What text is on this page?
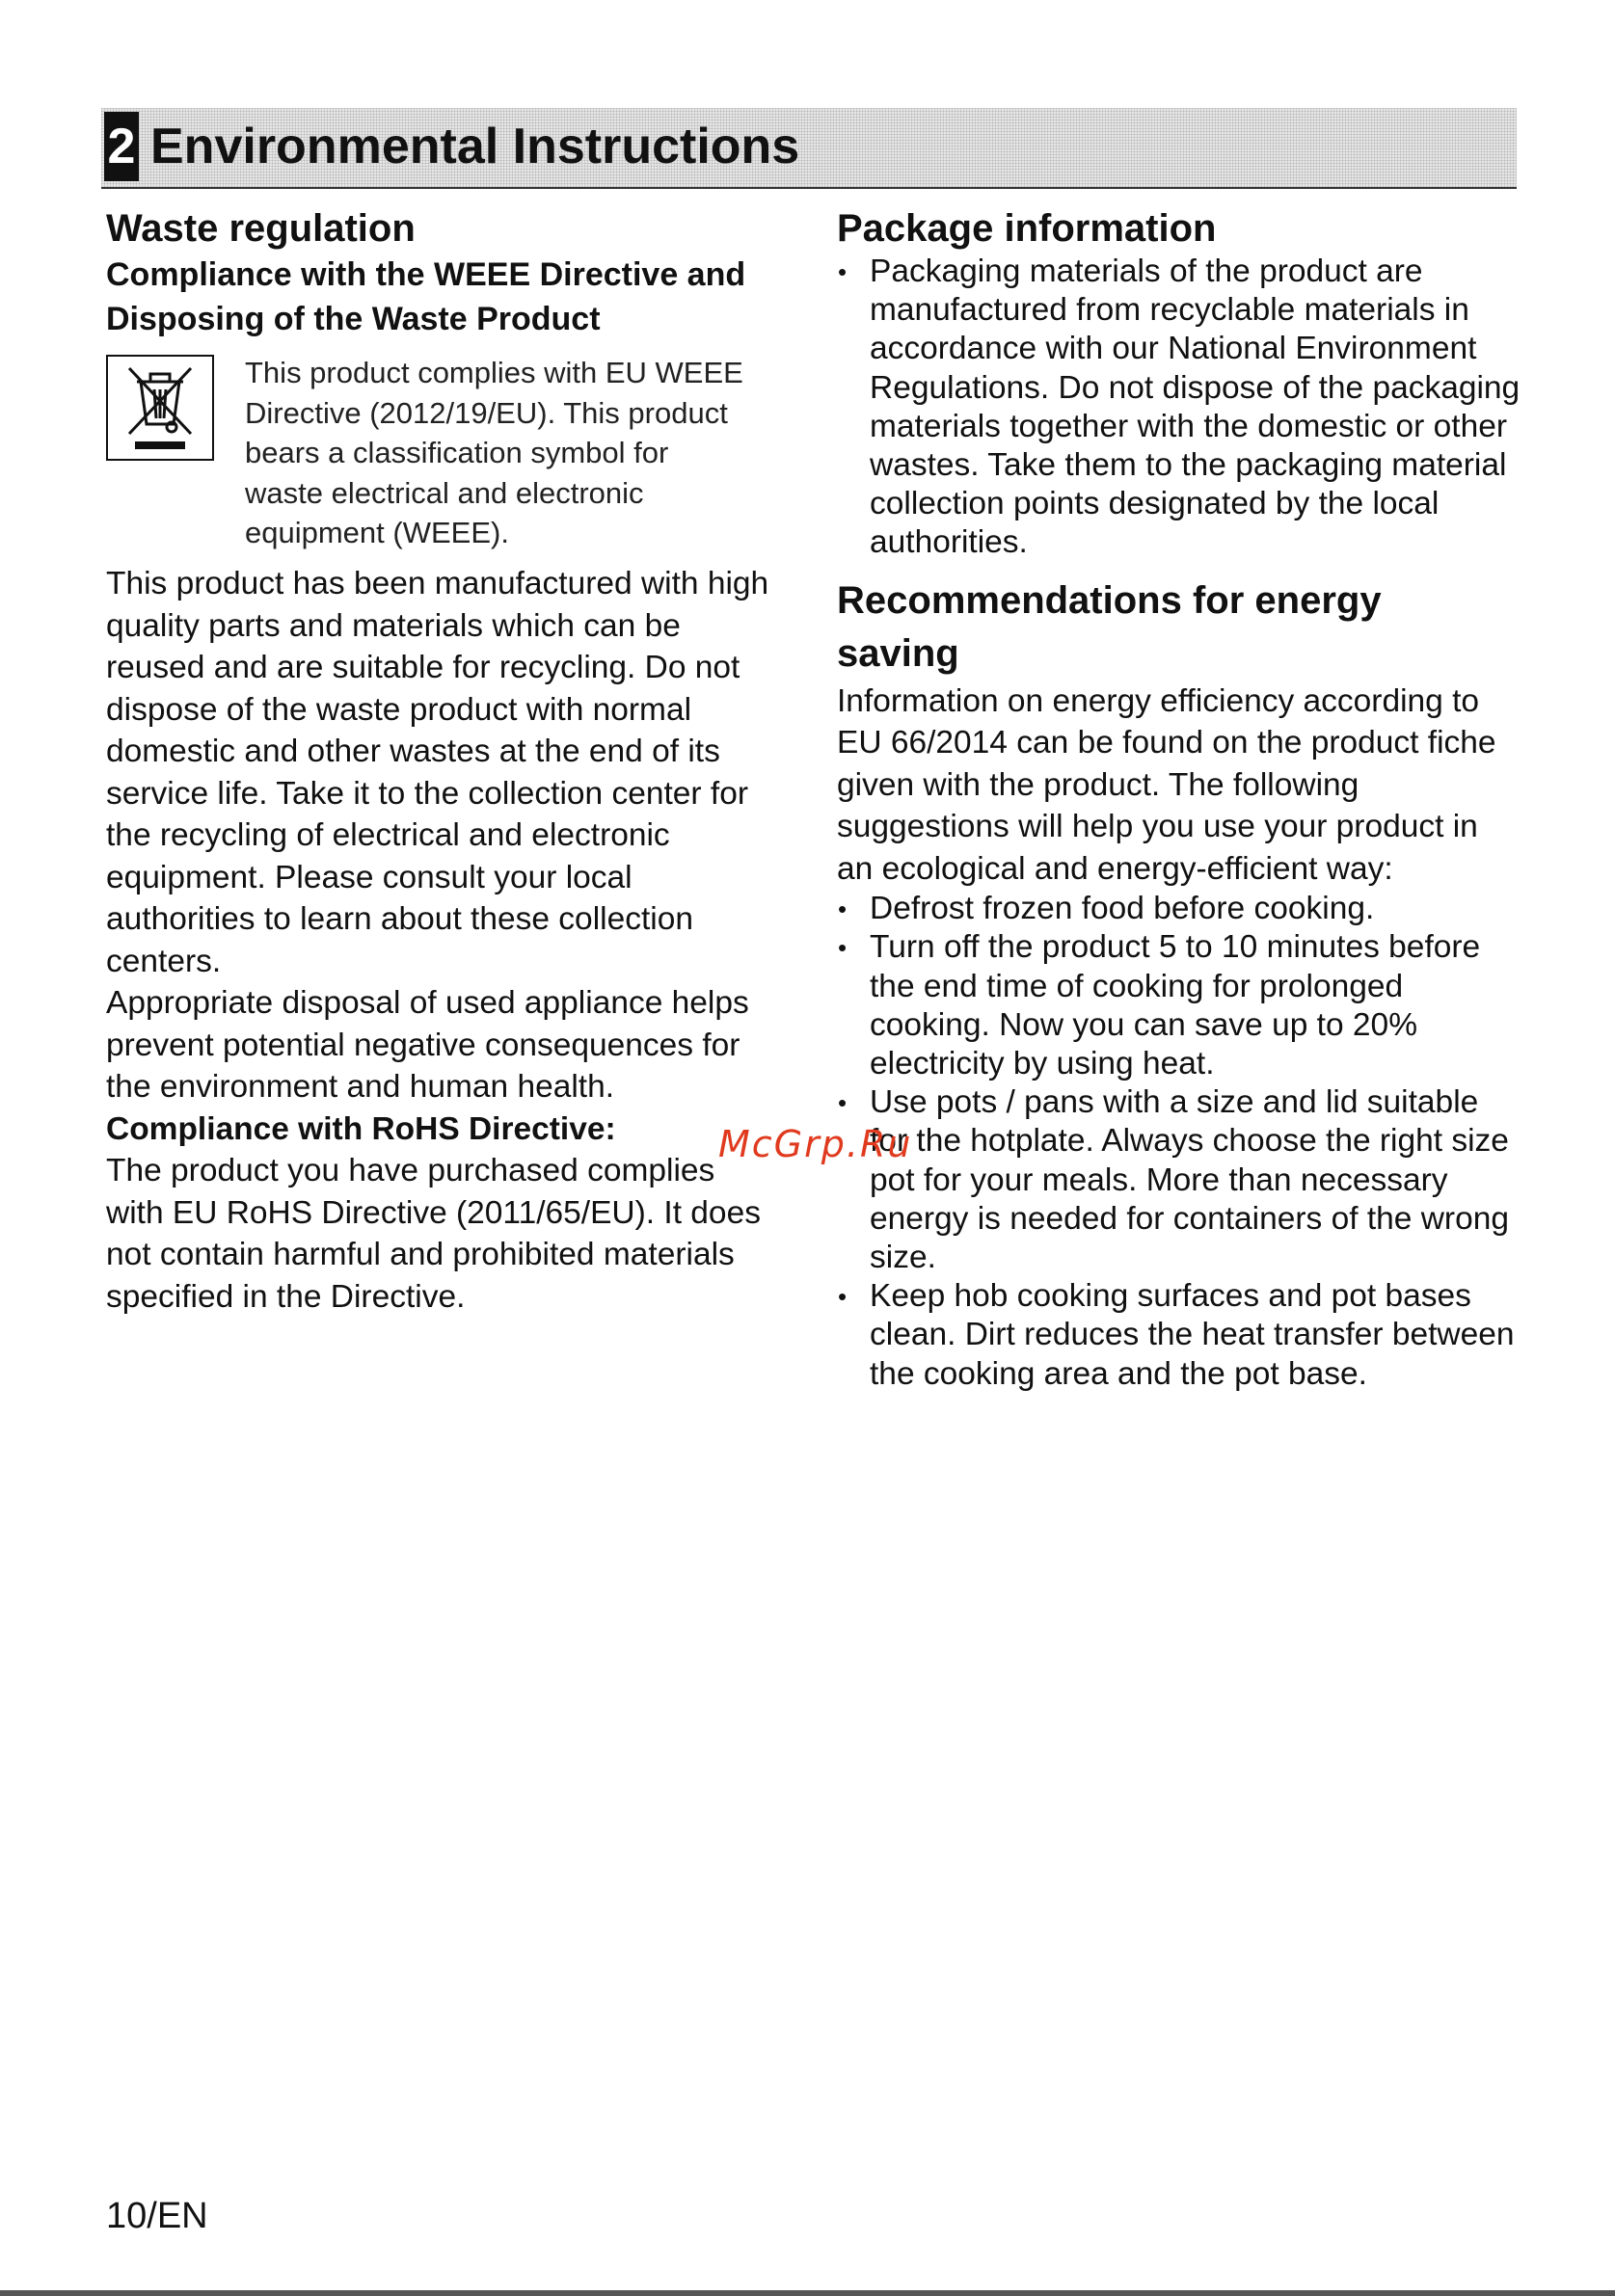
2 Environmental Instructions
Waste regulation
Compliance with the WEEE Directive and
Disposing of the Waste Product
This product complies with EU WEEE Directive (2012/19/EU). This product bears a classification symbol for waste electrical and electronic equipment (WEEE).

This product has been manufactured with high quality parts and materials which can be reused and are suitable for recycling. Do not dispose of the waste product with normal domestic and other wastes at the end of its service life. Take it to the collection center for the recycling of electrical and electronic equipment. Please consult your local authorities to learn about these collection centers.

Appropriate disposal of used appliance helps prevent potential negative consequences for the environment and human health.

Compliance with RoHS Directive:

The product you have purchased complies with EU RoHS Directive (2011/65/EU). It does not contain harmful and prohibited materials specified in the Directive.

Package information
• Packaging materials of the product are manufactured from recyclable materials in accordance with our National Environment Regulations. Do not dispose of the packaging materials together with the domestic or other wastes. Take them to the packaging material collection points designated by the local authorities.
Recommendations for energy saving

Information on energy efficiency according to EU 66/2014 can be found on the product fiche given with the product. The following suggestions will help you use your product in an ecological and energy-efficient way:

• Defrost frozen food before cooking.
• Turn off the product 5 to 10 minutes before the end time of cooking for prolonged cooking. Now you can save up to 20% electricity by using heat.
• Use pots / pans with a size and lid suitable for the hotplate. Always choose the right size pot for your meals. More than necessary energy is needed for containers of the wrong size.
• Keep hob cooking surfaces and pot bases clean. Dirt reduces the heat transfer between the cooking area and the pot base.
McGrp.Ru
10/EN
